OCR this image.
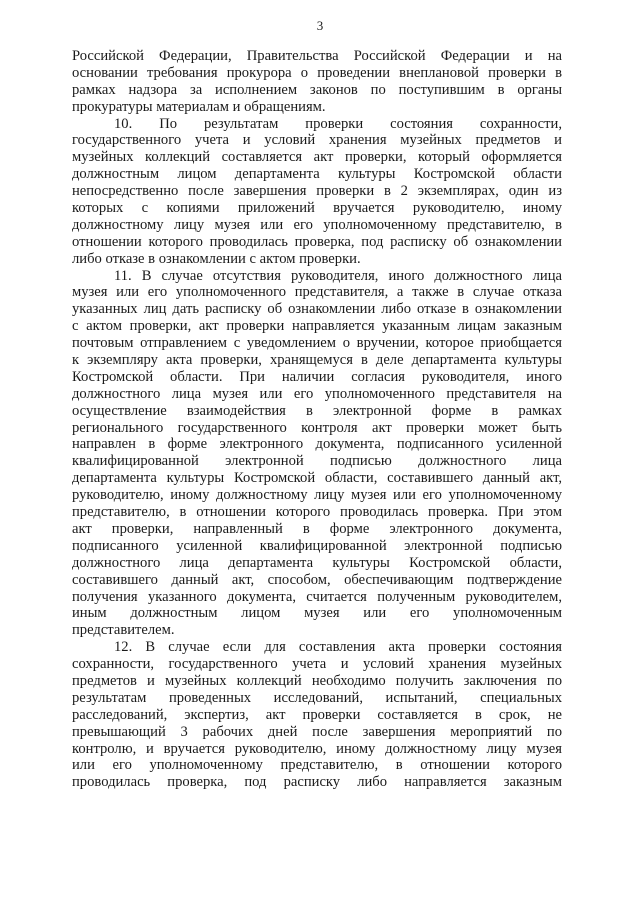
3
Российской Федерации, Правительства Российской Федерации и на
основании требования прокурора о проведении внеплановой проверки в
рамках надзора за исполнением законов по поступившим в органы
прокуратуры материалам и обращениям.
10. По результатам проверки состояния сохранности,
государственного учета и условий хранения музейных предметов и
музейных коллекций составляется акт проверки, который оформляется
должностным лицом департамента культуры Костромской области
непосредственно после завершения проверки в 2 экземплярах, один из
которых с копиями приложений вручается руководителю, иному
должностному лицу музея или его уполномоченному представителю, в
отношении которого проводилась проверка, под расписку об ознакомлении
либо отказе в ознакомлении с актом проверки.
11. В случае отсутствия руководителя, иного должностного лица
музея или его уполномоченного представителя, а также в случае отказа
указанных лиц дать расписку об ознакомлении либо отказе в ознакомлении
с актом проверки, акт проверки направляется указанным лицам заказным
почтовым отправлением с уведомлением о вручении, которое приобщается
к экземпляру акта проверки, хранящемуся в деле департамента культуры
Костромской области. При наличии согласия руководителя, иного
должностного лица музея или его уполномоченного представителя на
осуществление взаимодействия в электронной форме в рамках
регионального государственного контроля акт проверки может быть
направлен в форме электронного документа, подписанного усиленной
квалифицированной электронной подписью должностного лица
департамента культуры Костромской области, составившего данный акт,
руководителю, иному должностному лицу музея или его уполномоченному
представителю, в отношении которого проводилась проверка. При этом
акт проверки, направленный в форме электронного документа,
подписанного усиленной квалифицированной электронной подписью
должностного лица департамента культуры Костромской области,
составившего данный акт, способом, обеспечивающим подтверждение
получения указанного документа, считается полученным руководителем,
иным должностным лицом музея или его уполномоченным
представителем.
12. В случае если для составления акта проверки состояния
сохранности, государственного учета и условий хранения музейных
предметов и музейных коллекций необходимо получить заключения по
результатам проведенных исследований, испытаний, специальных
расследований, экспертиз, акт проверки составляется в срок, не
превышающий 3 рабочих дней после завершения мероприятий по
контролю, и вручается руководителю, иному должностному лицу музея
или его уполномоченному представителю, в отношении которого
проводилась проверка, под расписку либо направляется заказным
